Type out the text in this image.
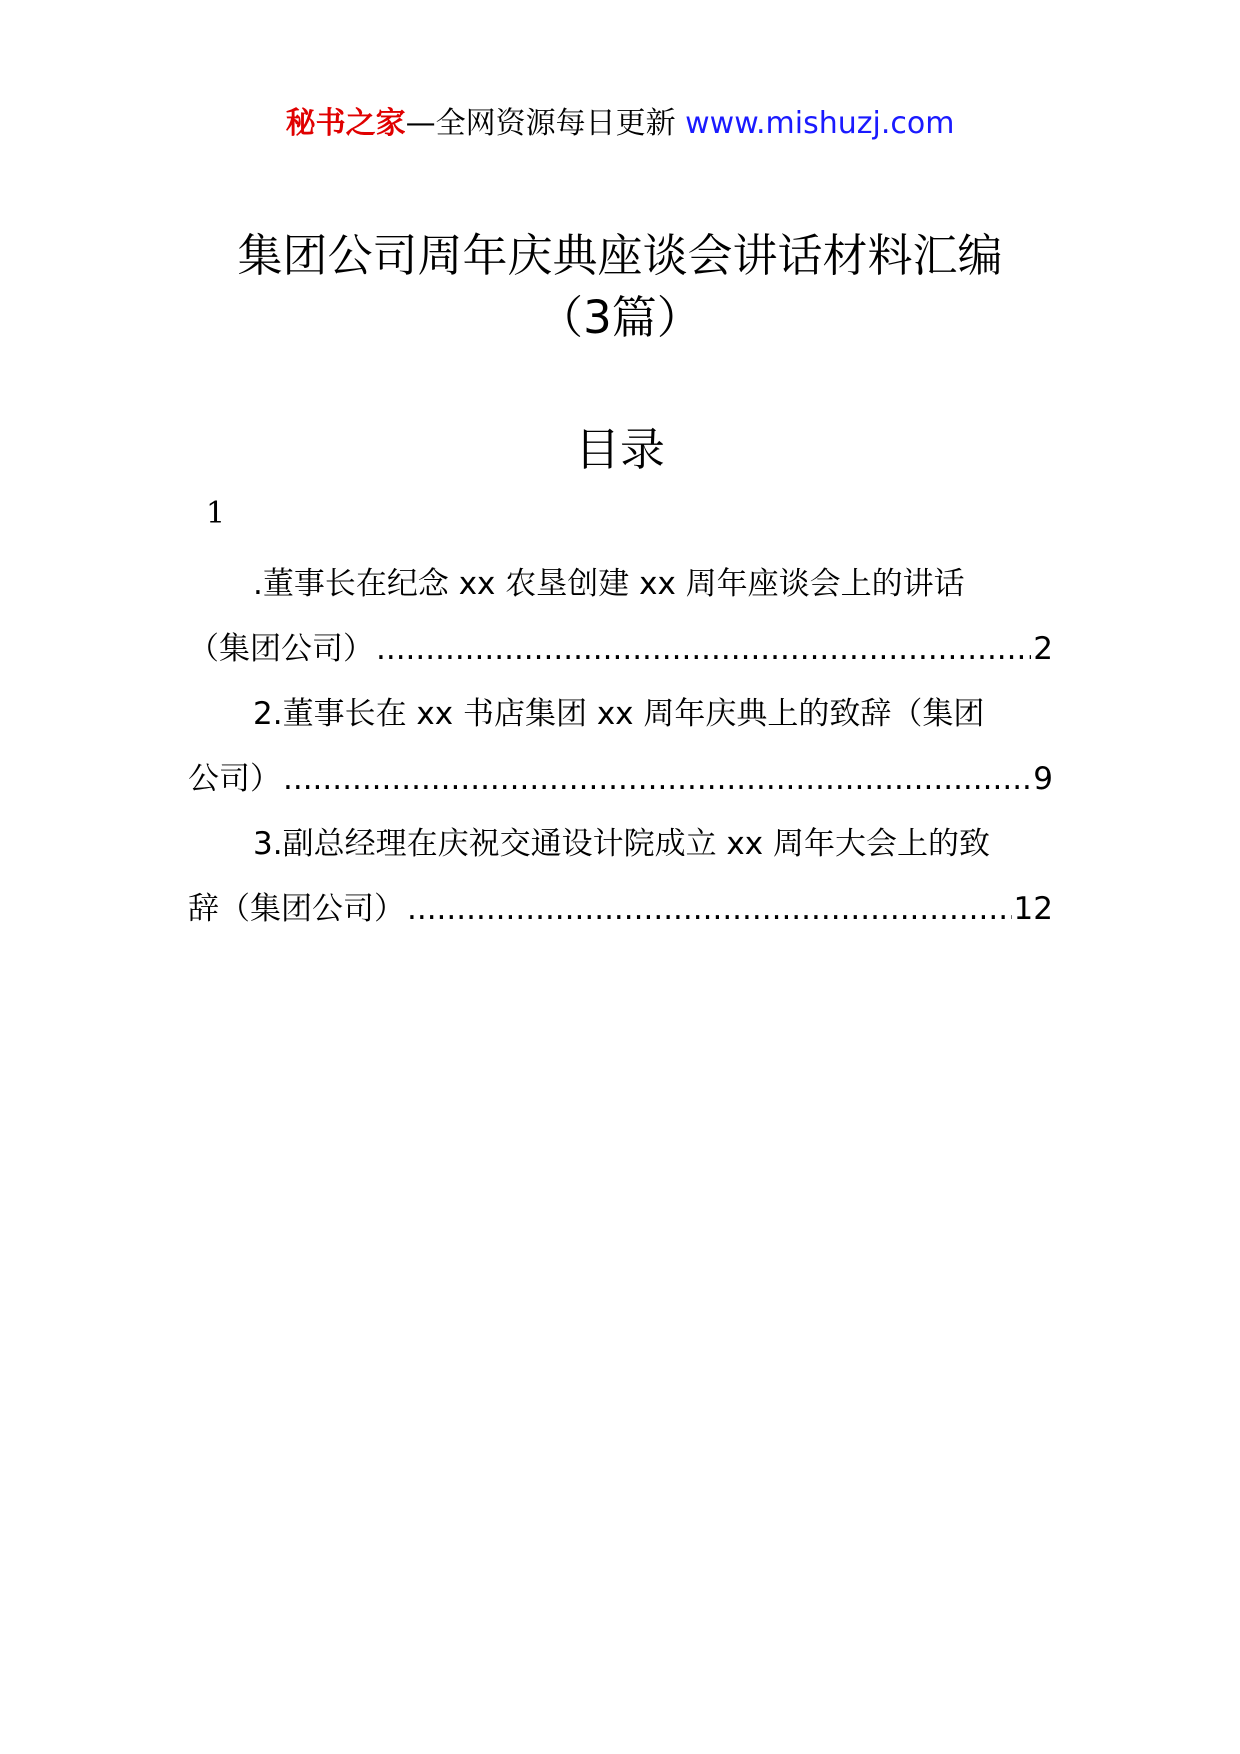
秘书之家—全网资源每日更新 www.mishuzj.com
集团公司周年庆典座谈会讲话材料汇编
（3篇）
目录
1
.董事长在纪念 xx 农垦创建 xx 周年座谈会上的讲话
（集团公司） .....	2
2.董事长在 xx 书店集团 xx 周年庆典上的致辞（集团
公司） .....	9
3.副总经理在庆祝交通设计院成立 xx 周年大会上的致
辞（集团公司） .....	12
